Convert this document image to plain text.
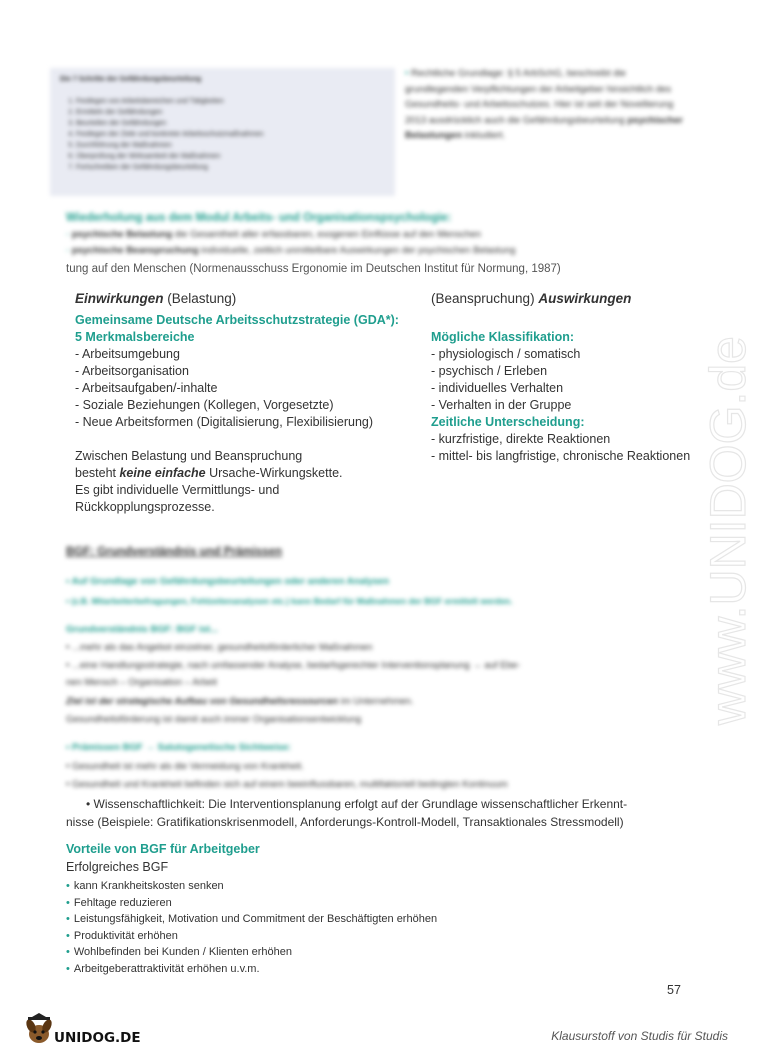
Die 7 Schritte der Gefährdungsbeurteilung
1. Festlegen von Arbeitsbereichen und Tätigkeiten
2. Ermitteln der Gefährdungen
3. Beurteilen der Gefährdungen
4. Festlegen der Ziele und konkreter Arbeitsschutzmaßnahmen
5. Durchführung der Maßnahmen
6. Überprüfung der Wirksamkeit der Maßnahmen
7. Fortschreiben der Gefährdungsbeurteilung
• Rechtliche Grundlage: § 5 ArbSchG, beschreibt die grundlegenden Verpflichtungen der Arbeitgeber hinsichtlich des Gesundheits- und Arbeitsschutzes. Hier ist seit der Novellierung 2013 ausdrücklich auch die Gefährdungsbeurteilung psychischer Belastungen inkludiert.
Wiederholung aus dem Modul Arbeits- und Organisationspsychologie:
- psychische Belastung die Gesamtheit aller erfassbaren, exogenen Einflüsse auf den Menschen
- psychische Beanspruchung individuelle, zeitlich unmittelbare Auswirkungen der psychischen Belastung
tung auf den Menschen (Normenausschuss Ergonomie im Deutschen Institut für Normung, 1987)
Einwirkungen (Belastung)
Gemeinsame Deutsche Arbeitsschutzstrategie (GDA*): 5 Merkmalsbereiche
- Arbeitsumgebung
- Arbeitsorganisation
- Arbeitsaufgaben/-inhalte
- Soziale Beziehungen (Kollegen, Vorgesetzte)
- Neue Arbeitsformen (Digitalisierung, Flexibilisierung)
Zwischen Belastung und Beanspruchung
besteht keine einfache Ursache-Wirkungskette.
Es gibt individuelle Vermittlungs- und
Rückkopplungsprozesse.
(Beanspruchung) Auswirkungen
Mögliche Klassifikation:
- physiologisch / somatisch
- psychisch / Erleben
- individuelles Verhalten
- Verhalten in der Gruppe
Zeitliche Unterscheidung:
- kurzfristige, direkte Reaktionen
- mittel- bis langfristige, chronische Reaktionen
BGF: Grundverständnis und Prämissen
• Auf Grundlage von Gefährdungsbeurteilungen oder anderen Analysen
• (z.B. Mitarbeiterbefragungen, Fehlzeitenanalysen etc.) kann Bedarf für Maßnahmen der BGF ermittelt werden.
Grundverständnis BGF: BGF ist...
• ...mehr als das Angebot einzelner, gesundheitsförderlicher Maßnahmen
• ...eine Handlungsstrategie, nach umfassender Analyse, bedarfsgerechter Interventionsplanung → auf Ebe-
nen Mensch – Organisation – Arbeit
Ziel ist der strategische Aufbau von Gesundheitsressourcen im Unternehmen.
Gesundheitsförderung ist damit auch immer Organisationsentwicklung
• Prämissen BGF → Salutogenetische Sichtweise:
• Gesundheit ist mehr als die Vermeidung von Krankheit.
• Gesundheit und Krankheit befinden sich auf einem beeinflussbaren, multifaktoriell bedingten Kontinuum
• Wissenschaftlichkeit: Die Interventionsplanung erfolgt auf der Grundlage wissenschaftlicher Erkennt-
nisse (Beispiele: Gratifikationskrisenmodell, Anforderungs-Kontroll-Modell, Transaktionales Stressmodell)
Vorteile von BGF für Arbeitgeber
Erfolgreiches BGF
• kann Krankheitskosten senken
• Fehltage reduzieren
• Leistungsfähigkeit, Motivation und Commitment der Beschäftigten erhöhen
• Produktivität erhöhen
• Wohlbefinden bei Kunden / Klienten erhöhen
• Arbeitgeberattraktivität erhöhen u.v.m.
57
www.UNIDOG.de
UNIDOG.DE	Klausurstoff von Studis für Studis
